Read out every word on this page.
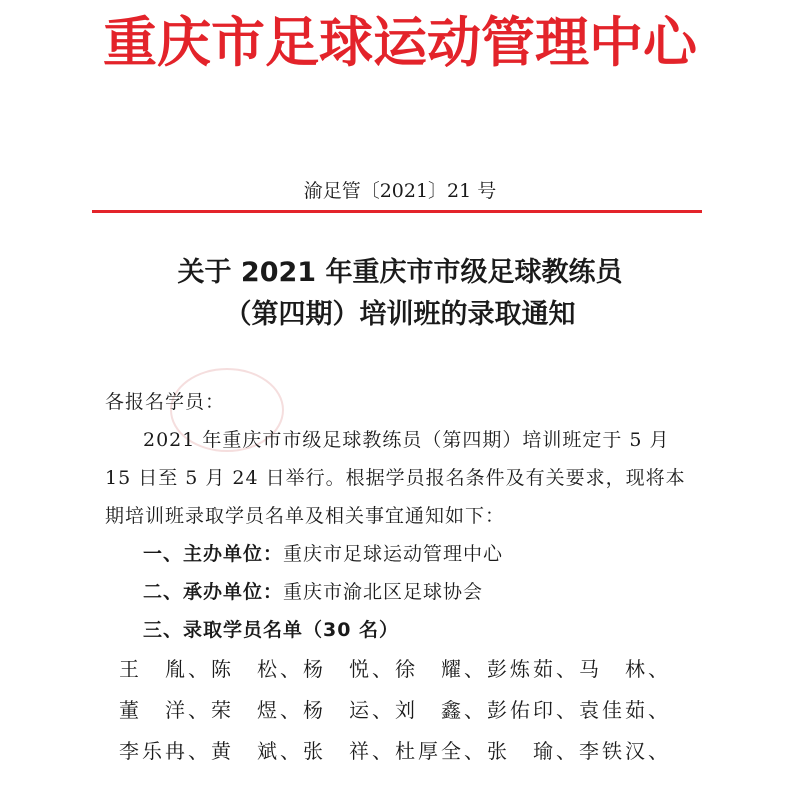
重庆市足球运动管理中心
渝足管〔2021〕21 号
关于 2021 年重庆市市级足球教练员
（第四期）培训班的录取通知

各报名学员：

2021 年重庆市市级足球教练员（第四期）培训班定于 5 月 15 日至 5 月 24 日举行。根据学员报名条件及有关要求，现将本期培训班录取学员名单及相关事宜通知如下：

一、主办单位：重庆市足球运动管理中心

二、承办单位：重庆市渝北区足球协会

三、录取学员名单（30 名）

王　胤、陈　松、杨　悦、徐　耀、彭炼茹、马　林、
董　洋、荣　煜、杨　运、刘　鑫、彭佑印、袁佳茹、
李乐冉、黄　斌、张　祥、杜厚全、张　瑜、李铁汉、
